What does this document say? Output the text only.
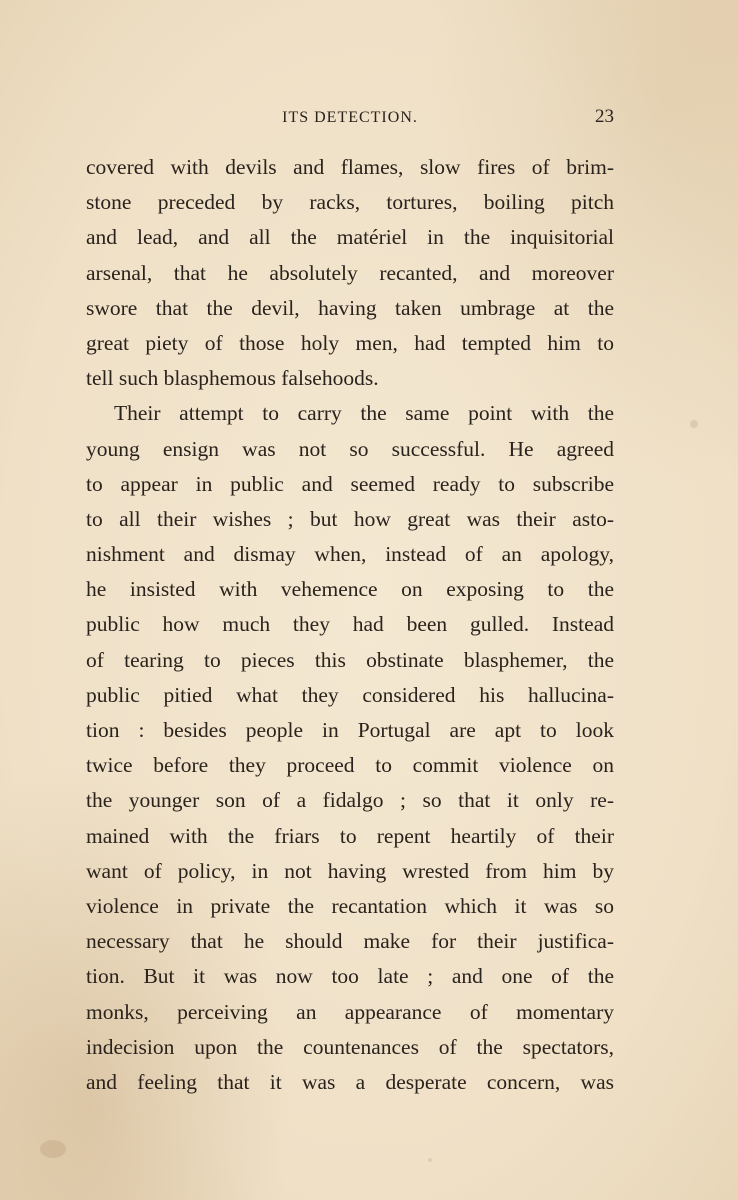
ITS DETECTION.	23
covered with devils and flames, slow fires of brim-
stone preceded by racks, tortures, boiling pitch
and lead, and all the matériel in the inquisitorial
arsenal, that he absolutely recanted, and moreover
swore that the devil, having taken umbrage at the
great piety of those holy men, had tempted him to
tell such blasphemous falsehoods.
Their attempt to carry the same point with the
young ensign was not so successful. He agreed
to appear in public and seemed ready to subscribe
to all their wishes ; but how great was their asto-
nishment and dismay when, instead of an apology,
he insisted with vehemence on exposing to the
public how much they had been gulled. Instead
of tearing to pieces this obstinate blasphemer, the
public pitied what they considered his hallucina-
tion : besides people in Portugal are apt to look
twice before they proceed to commit violence on
the younger son of a fidalgo ; so that it only re-
mained with the friars to repent heartily of their
want of policy, in not having wrested from him by
violence in private the recantation which it was so
necessary that he should make for their justifica-
tion. But it was now too late ; and one of the
monks, perceiving an appearance of momentary
indecision upon the countenances of the spectators,
and feeling that it was a desperate concern, was
